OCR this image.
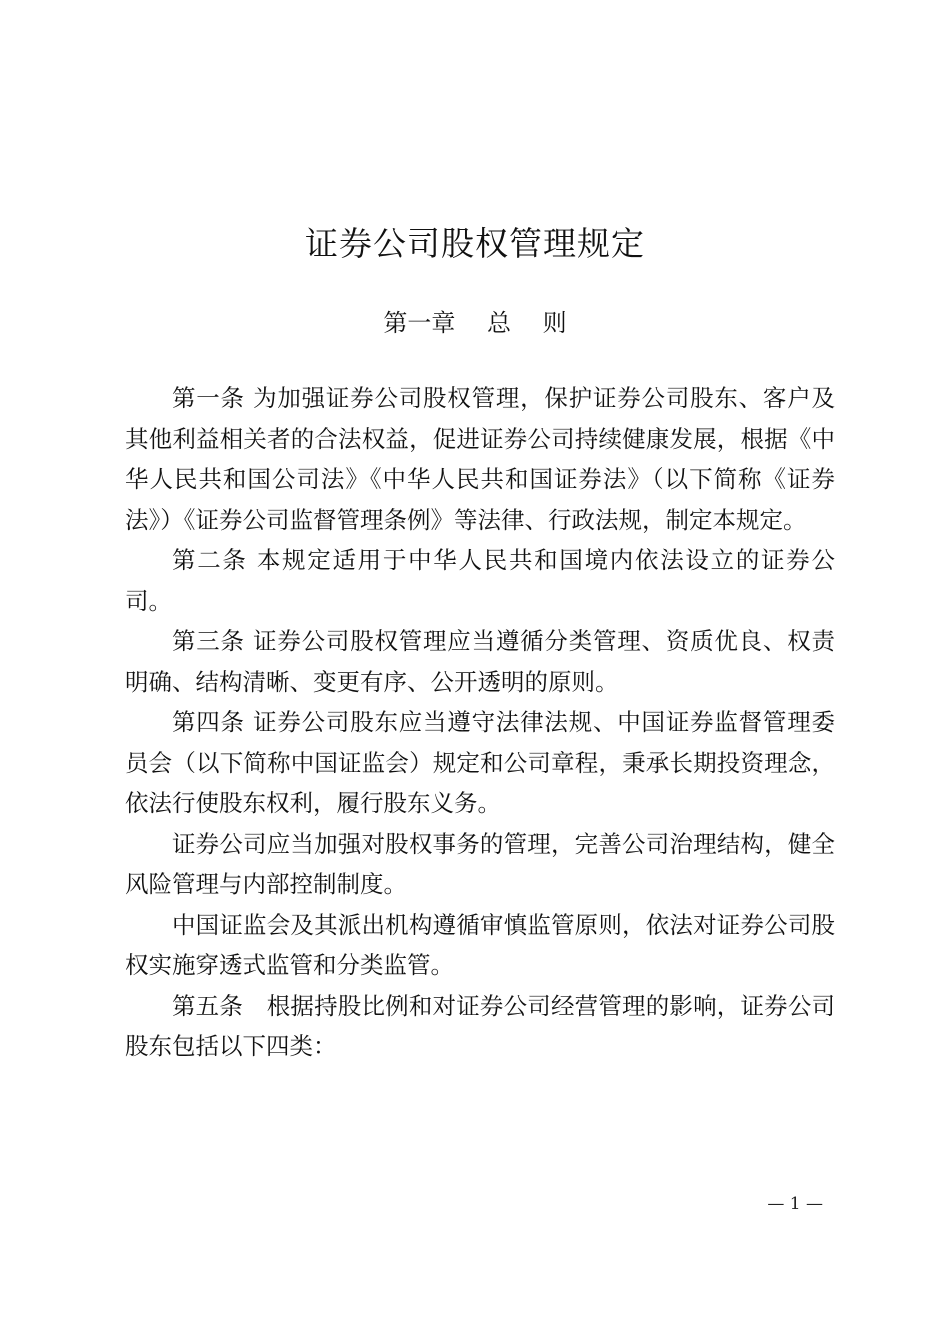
证券公司股权管理规定
第一章　 总　 则

第一条 为加强证券公司股权管理，保护证券公司股东、客户及其他利益相关者的合法权益，促进证券公司持续健康发展，根据《中华人民共和国公司法》《中华人民共和国证券法》（以下简称《证券法》）《证券公司监督管理条例》等法律、行政法规，制定本规定。

第二条 本规定适用于中华人民共和国境内依法设立的证券公司。

第三条 证券公司股权管理应当遵循分类管理、资质优良、权责明确、结构清晰、变更有序、公开透明的原则。

第四条 证券公司股东应当遵守法律法规、中国证券监督管理委员会（以下简称中国证监会）规定和公司章程，秉承长期投资理念，依法行使股东权利，履行股东义务。

证券公司应当加强对股权事务的管理，完善公司治理结构，健全风险管理与内部控制制度。

中国证监会及其派出机构遵循审慎监管原则，依法对证券公司股权实施穿透式监管和分类监管。

第五条　根据持股比例和对证券公司经营管理的影响，证券公司股东包括以下四类：

— 1 —
